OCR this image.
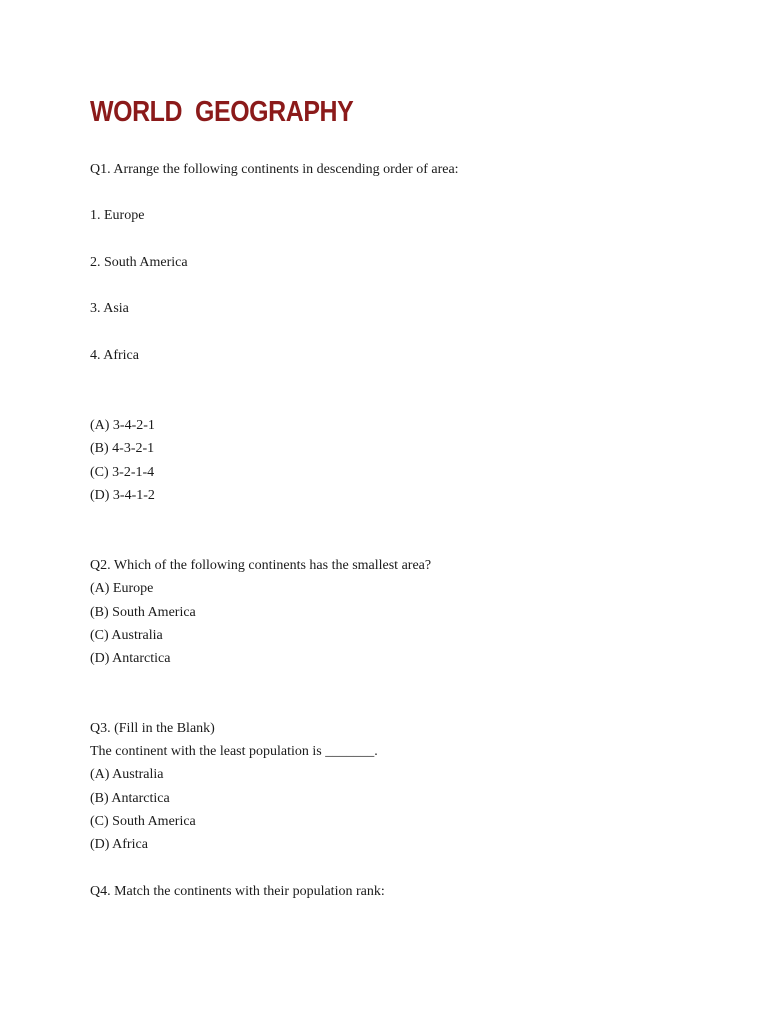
WORLD  GEOGRAPHY

Q1. Arrange the following continents in descending order of area:

1. Europe

2. South America

3. Asia

4. Africa

(A) 3-4-2-1

(B) 4-3-2-1

(C) 3-2-1-4

(D) 3-4-1-2

Q2. Which of the following continents has the smallest area?

(A) Europe

(B) South America

(C) Australia

(D) Antarctica

Q3. (Fill in the Blank)

The continent with the least population is _______.

(A) Australia

(B) Antarctica

(C) South America

(D) Africa

Q4. Match the continents with their population rank:
